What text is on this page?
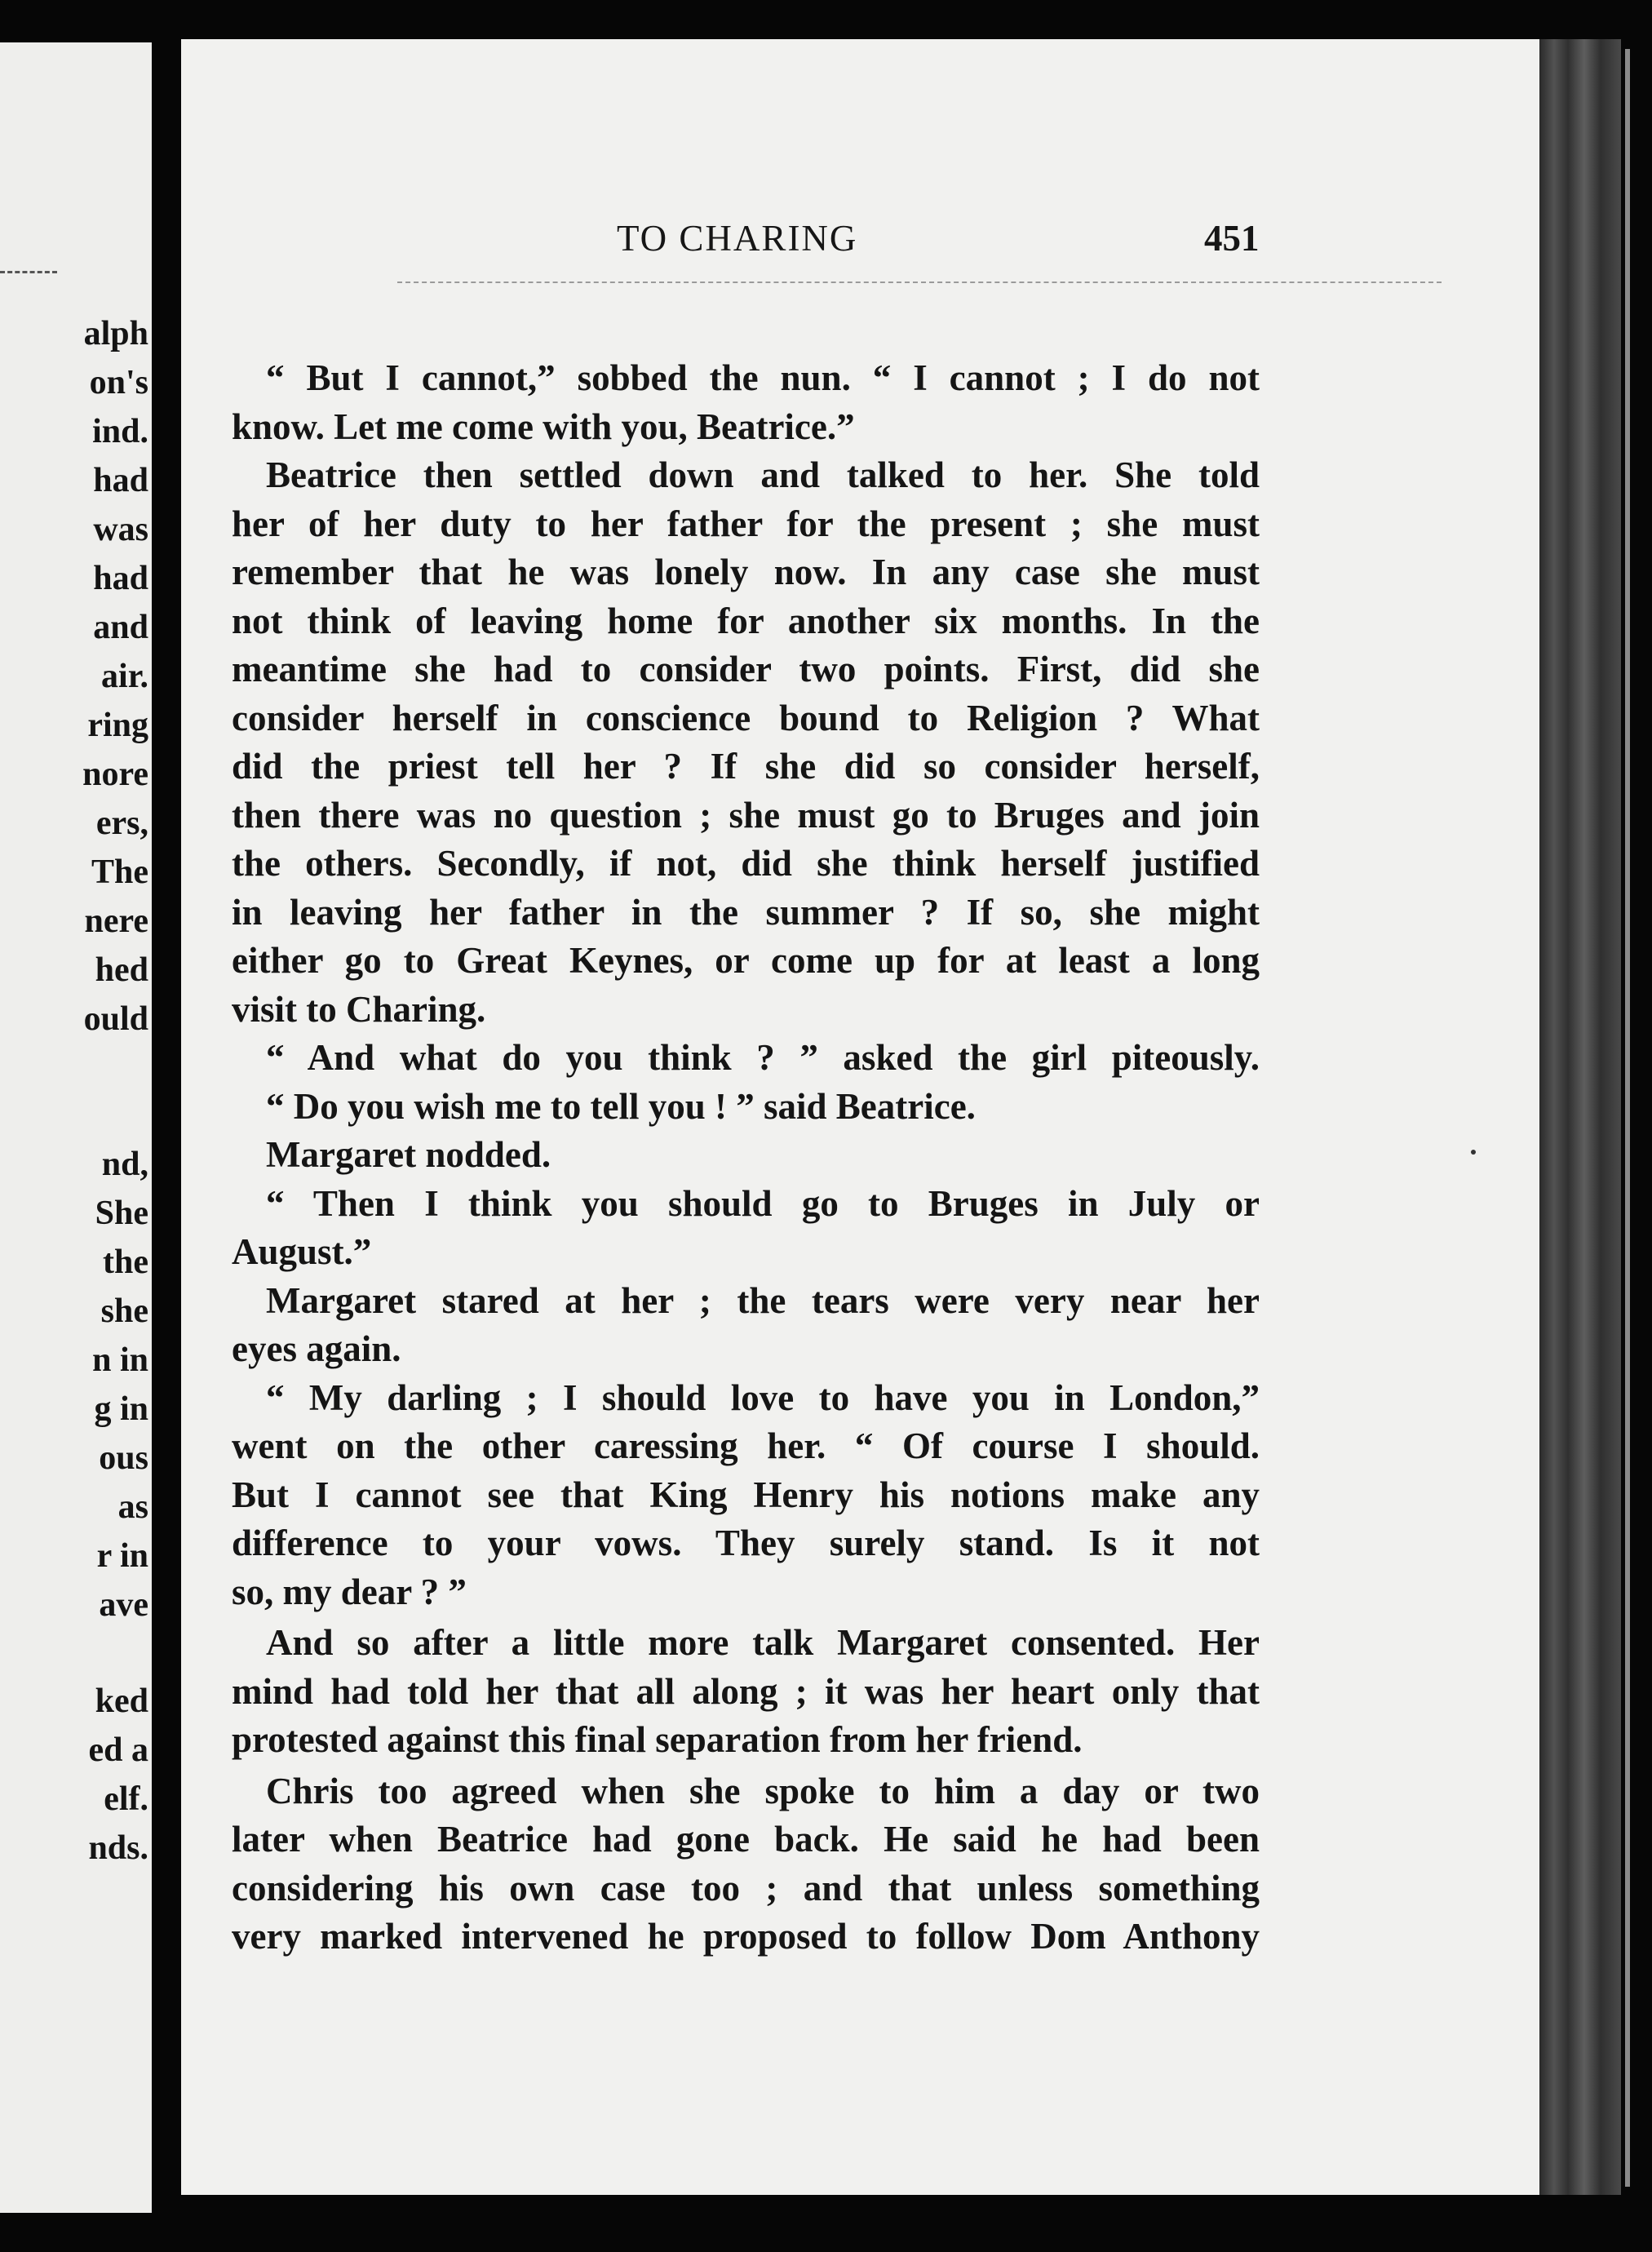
alph
on's
ind.
had
was
had
and
air.
ring
nore
ers,
The
nere
hed
ould
nd,
She
the
she
n in
g in
ous
as
r in
ave
ked
ed a
elf.
nds.
TO CHARING	451
“ But I cannot,” sobbed the nun. “ I cannot ; I do not
know. Let me come with you, Beatrice.”
Beatrice then settled down and talked to her. She told
her of her duty to her father for the present ; she must
remember that he was lonely now. In any case she must
not think of leaving home for another six months. In the
meantime she had to consider two points. First, did she
consider herself in conscience bound to Religion ? What
did the priest tell her ? If she did so consider herself,
then there was no question ; she must go to Bruges and join
the others. Secondly, if not, did she think herself justified
in leaving her father in the summer ? If so, she might
either go to Great Keynes, or come up for at least a long
visit to Charing.
“ And what do you think ? ” asked the girl piteously.
“ Do you wish me to tell you ! ” said Beatrice.
Margaret nodded.
“ Then I think you should go to Bruges in July or
August.”
Margaret stared at her ; the tears were very near her
eyes again.
“ My darling ; I should love to have you in London,”
went on the other caressing her. “ Of course I should.
But I cannot see that King Henry his notions make any
difference to your vows. They surely stand. Is it not
so, my dear ? ”
And so after a little more talk Margaret consented. Her
mind had told her that all along ; it was her heart only that
protested against this final separation from her friend.
Chris too agreed when she spoke to him a day or two
later when Beatrice had gone back. He said he had been
considering his own case too ; and that unless something
very marked intervened he proposed to follow Dom Anthony
